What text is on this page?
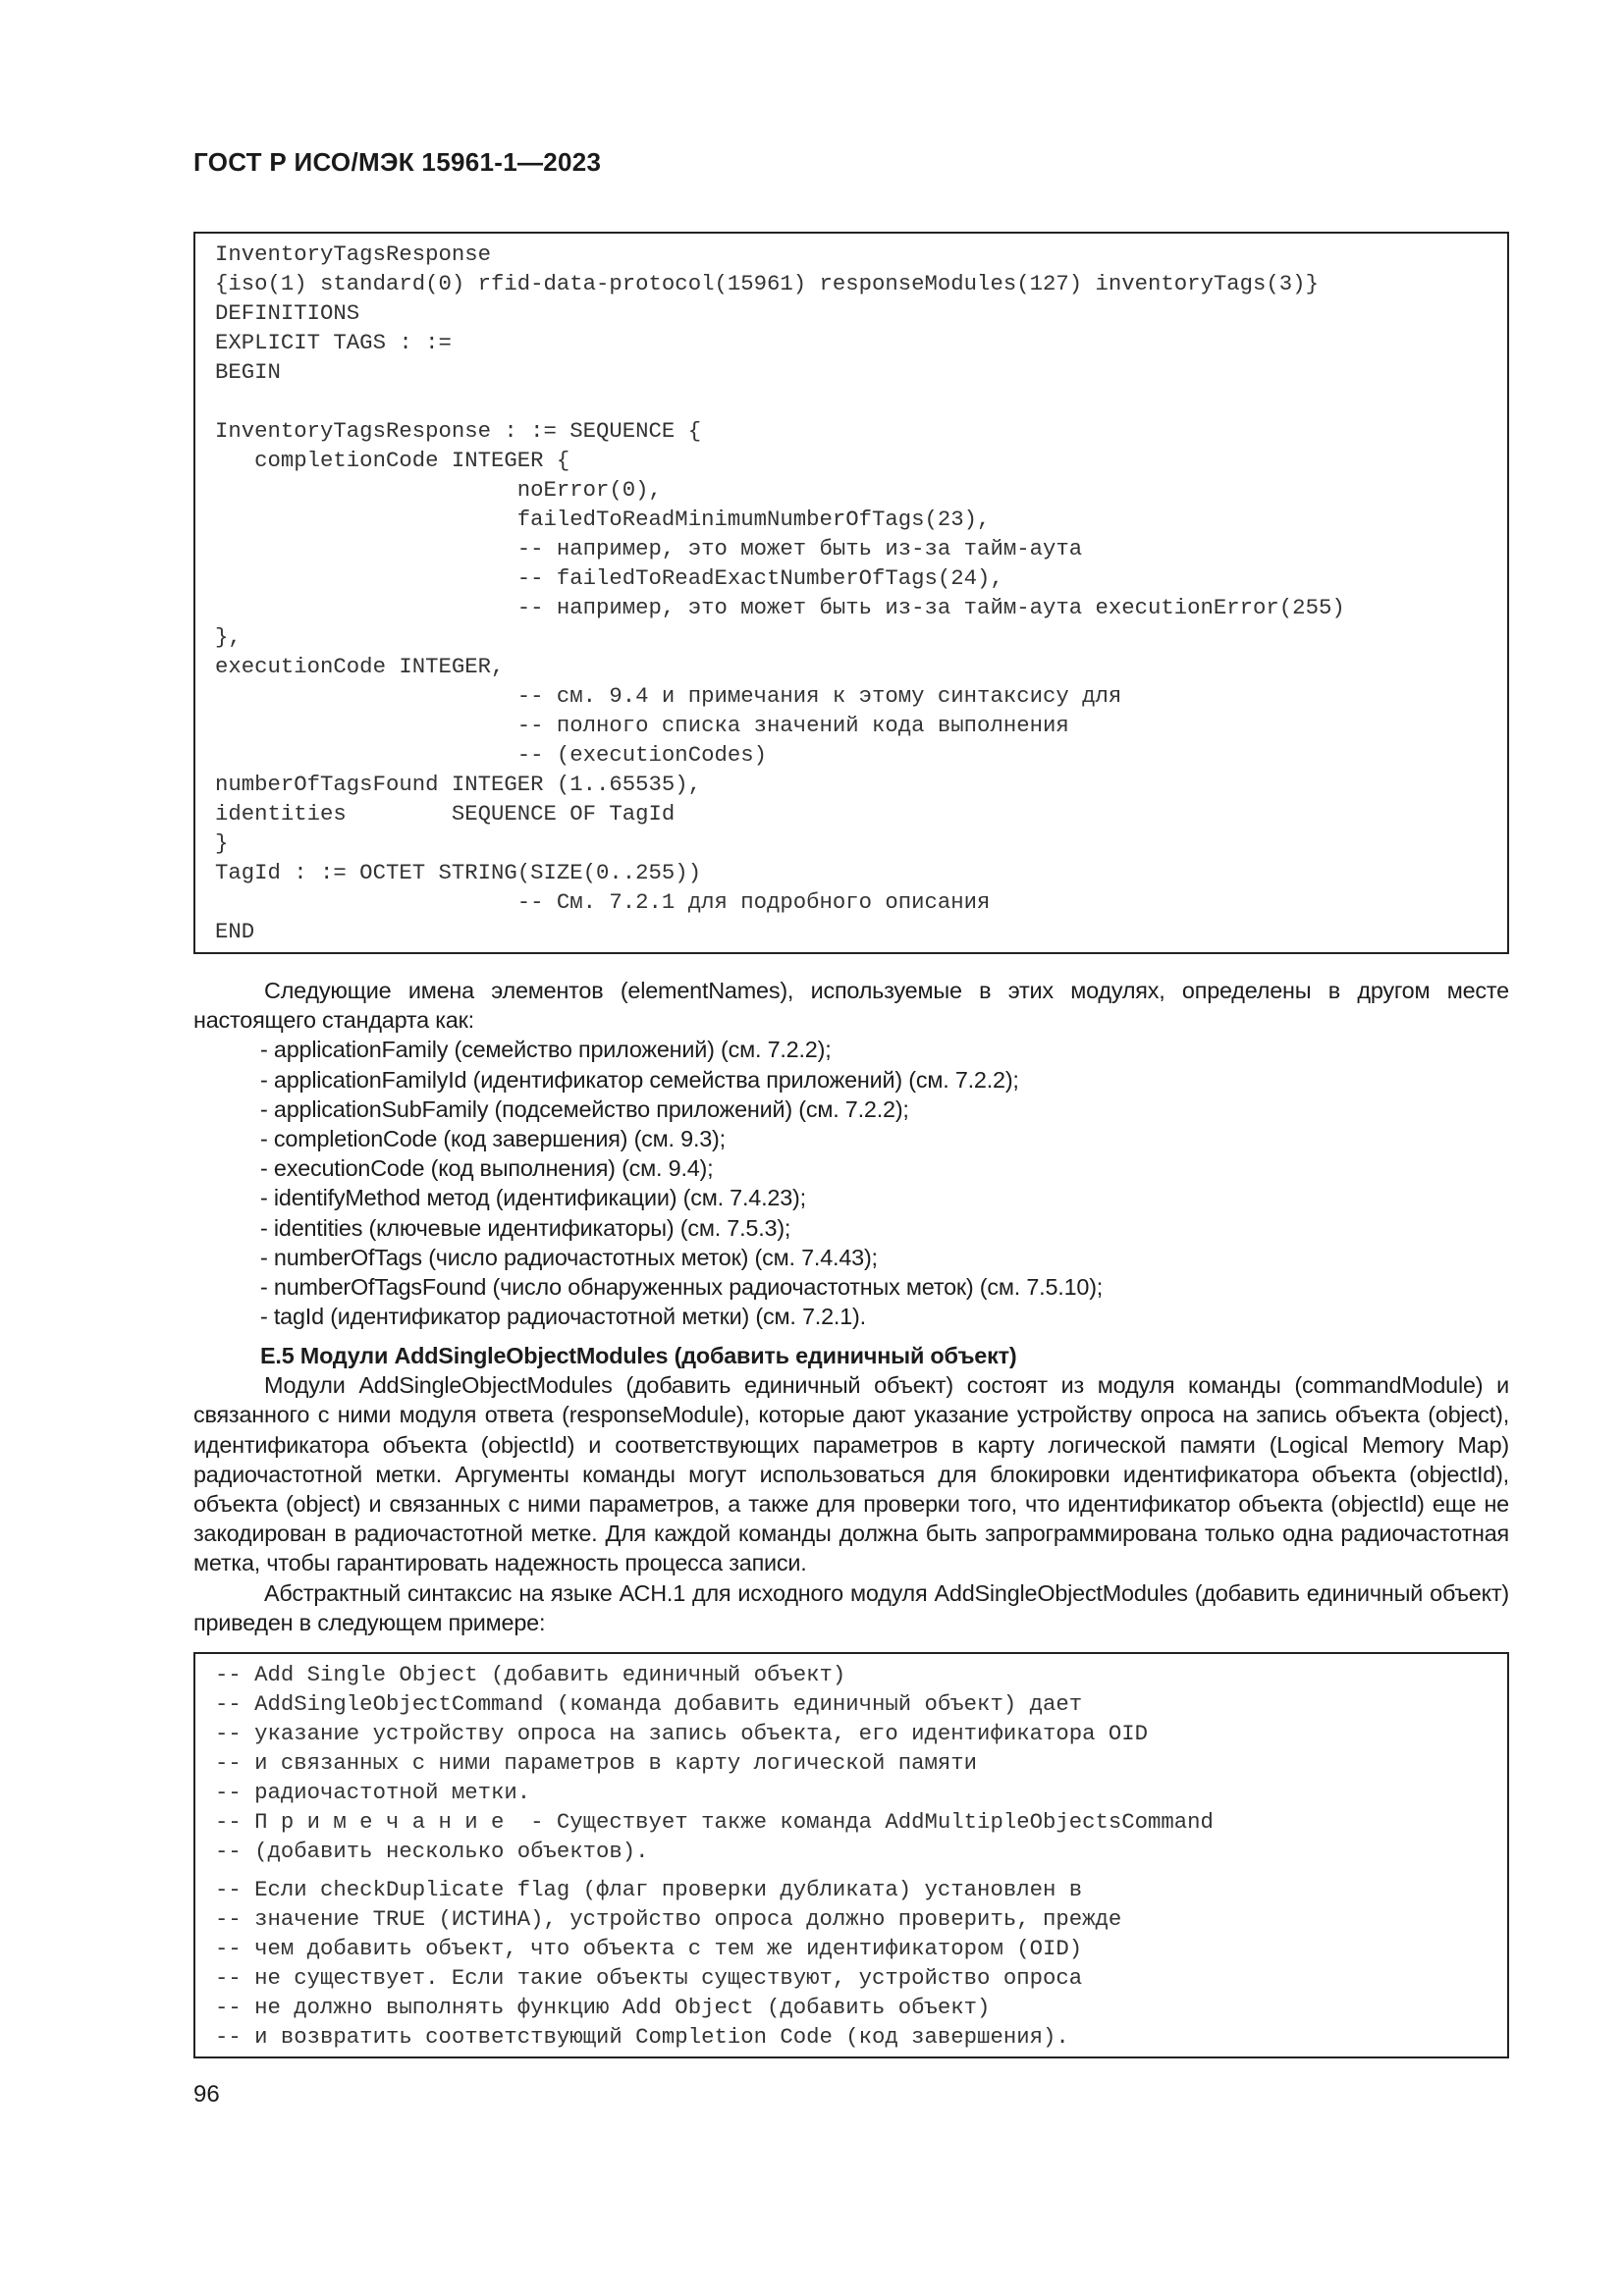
ГОСТ Р ИСО/МЭК 15961-1—2023
InventoryTagsResponse
{iso(1) standard(0) rfid-data-protocol(15961) responseModules(127) inventoryTags(3)}
DEFINITIONS
EXPLICIT TAGS : :=
BEGIN
InventoryTagsResponse : := SEQUENCE {
completionCode INTEGER {
noError(0),
failedToReadMinimumNumberOfTags(23),
-- например, это может быть из-за тайм-аута
-- failedToReadExactNumberOfTags(24),
-- например, это может быть из-за тайм-аута executionError(255)
},
executionCode INTEGER,
-- см. 9.4 и примечания к этому синтаксису для
-- полного списка значений кода выполнения
-- (executionCodes)
numberOfTagsFound INTEGER (1..65535),
identities        SEQUENCE OF TagId
}
TagId : := OCTET STRING(SIZE(0..255))
-- См. 7.2.1 для подробного описания
END

Следующие имена элементов (elementNames), используемые в этих модулях, определены в другом месте настоящего стандарта как:

- applicationFamily (семейство приложений) (см. 7.2.2);
- applicationFamilyId (идентификатор семейства приложений) (см. 7.2.2);
- applicationSubFamily (подсемейство приложений) (см. 7.2.2);
- completionCode (код завершения) (см. 9.3);
- executionCode (код выполнения) (см. 9.4);
- identifyMethod метод (идентификации) (см. 7.4.23);
- identities (ключевые идентификаторы) (см. 7.5.3);
- numberOfTags (число радиочастотных меток) (см. 7.4.43);
- numberOfTagsFound (число обнаруженных радиочастотных меток) (см. 7.5.10);
- tagId (идентификатор радиочастотной метки) (см. 7.2.1).

Е.5 Модули AddSingleObjectModules (добавить единичный объект)

Модули AddSingleObjectModules (добавить единичный объект) состоят из модуля команды (commandModule) и связанного с ними модуля ответа (responseModule), которые дают указание устройству опроса на запись объекта (object), идентификатора объекта (objectId) и соответствующих параметров в карту логической памяти (Logical Memory Map) радиочастотной метки. Аргументы команды могут использоваться для блокировки идентификатора объекта (objectId), объекта (object) и связанных с ними параметров, а также для проверки того, что идентификатор объекта (objectId) еще не закодирован в радиочастотной метке. Для каждой команды должна быть запрограммирована только одна радиочастотная метка, чтобы гарантировать надежность процесса записи.

Абстрактный синтаксис на языке АСН.1 для исходного модуля AddSingleObjectModules (добавить единичный объект) приведен в следующем примере:

-- Add Single Object (добавить единичный объект)
-- AddSingleObjectCommand (команда добавить единичный объект) дает
-- указание устройству опроса на запись объекта, его идентификатора OID
-- и связанных с ними параметров в карту логической памяти
-- радиочастотной метки.
-- П р и м е ч а н и е  - Существует также команда AddMultipleObjectsCommand
-- (добавить несколько объектов).
-- Если checkDuplicate flag (флаг проверки дубликата) установлен в
-- значение TRUE (ИСТИНА), устройство опроса должно проверить, прежде
-- чем добавить объект, что объекта с тем же идентификатором (OID)
-- не существует. Если такие объекты существуют, устройство опроса
-- не должно выполнять функцию Add Object (добавить объект)
-- и возвратить соответствующий Completion Code (код завершения).
96
